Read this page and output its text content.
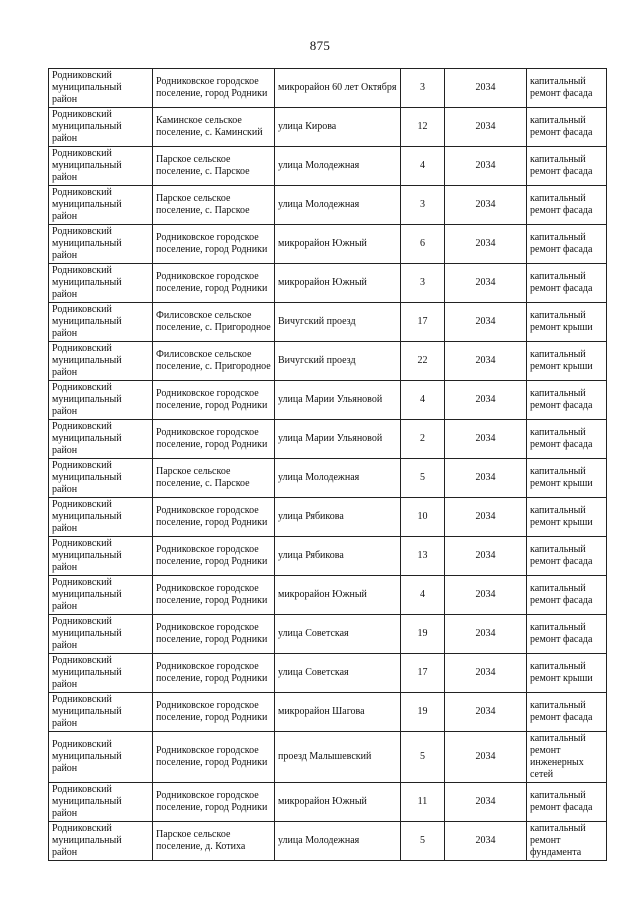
875
Родниковский муниципальный район	Родниковское городское поселение, город Родники	микрорайон 60 лет Октября	3	2034	капитальный ремонт фасада
Родниковский муниципальный район	Каминское сельское поселение, с. Каминский	улица Кирова	12	2034	капитальный ремонт фасада
Родниковский муниципальный район	Парское сельское поселение, с. Парское	улица Молодежная	4	2034	капитальный ремонт фасада
Родниковский муниципальный район	Парское сельское поселение, с. Парское	улица Молодежная	3	2034	капитальный ремонт фасада
Родниковский муниципальный район	Родниковское городское поселение, город Родники	микрорайон Южный	6	2034	капитальный ремонт фасада
Родниковский муниципальный район	Родниковское городское поселение, город Родники	микрорайон Южный	3	2034	капитальный ремонт фасада
Родниковский муниципальный район	Филисовское сельское поселение, с. Пригородное	Вичугский проезд	17	2034	капитальный ремонт крыши
Родниковский муниципальный район	Филисовское сельское поселение, с. Пригородное	Вичугский проезд	22	2034	капитальный ремонт крыши
Родниковский муниципальный район	Родниковское городское поселение, город Родники	улица Марии Ульяновой	4	2034	капитальный ремонт фасада
Родниковский муниципальный район	Родниковское городское поселение, город Родники	улица Марии Ульяновой	2	2034	капитальный ремонт фасада
Родниковский муниципальный район	Парское сельское поселение, с. Парское	улица Молодежная	5	2034	капитальный ремонт крыши
Родниковский муниципальный район	Родниковское городское поселение, город Родники	улица Рябикова	10	2034	капитальный ремонт крыши
Родниковский муниципальный район	Родниковское городское поселение, город Родники	улица Рябикова	13	2034	капитальный ремонт фасада
Родниковский муниципальный район	Родниковское городское поселение, город Родники	микрорайон Южный	4	2034	капитальный ремонт фасада
Родниковский муниципальный район	Родниковское городское поселение, город Родники	улица Советская	19	2034	капитальный ремонт фасада
Родниковский муниципальный район	Родниковское городское поселение, город Родники	улица Советская	17	2034	капитальный ремонт крыши
Родниковский муниципальный район	Родниковское городское поселение, город Родники	микрорайон Шагова	19	2034	капитальный ремонт фасада
Родниковский муниципальный район	Родниковское городское поселение, город Родники	проезд Малышевский	5	2034	капитальный ремонт инженерных сетей
Родниковский муниципальный район	Родниковское городское поселение, город Родники	микрорайон Южный	11	2034	капитальный ремонт фасада
Родниковский муниципальный район	Парское сельское поселение, д. Котиха	улица Молодежная	5	2034	капитальный ремонт фундамента
